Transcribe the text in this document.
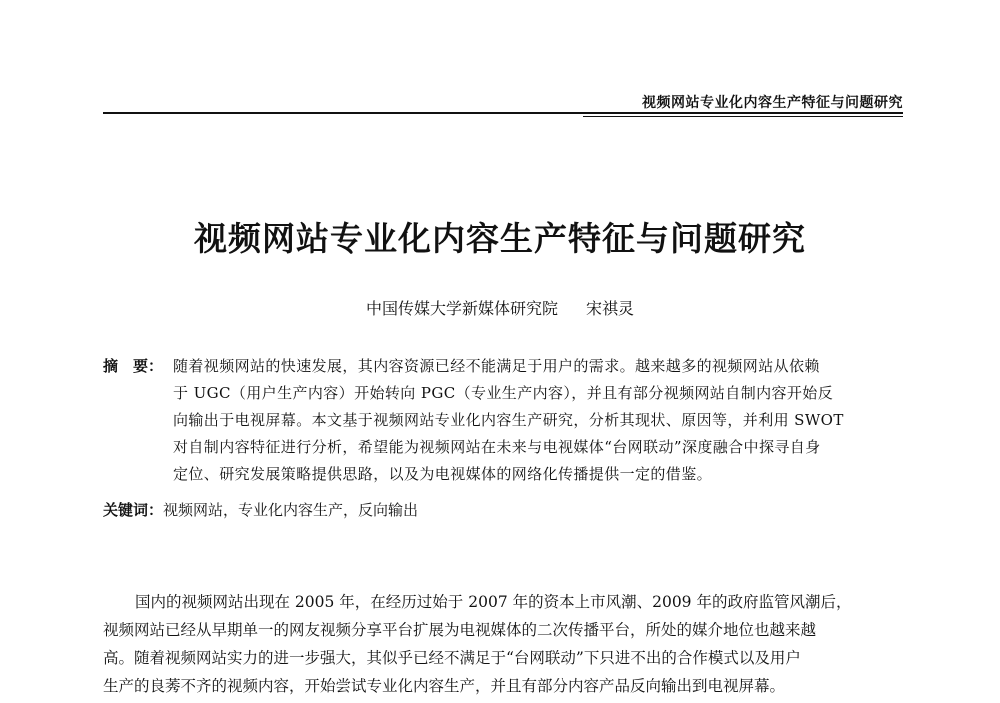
视频网站专业化内容生产特征与问题研究
视频网站专业化内容生产特征与问题研究
中国传媒大学新媒体研究院 宋祺灵
摘　要： 随着视频网站的快速发展，其内容资源已经不能满足于用户的需求。越来越多的视频网站从依赖
于 UGC（用户生产内容）开始转向 PGC（专业生产内容），并且有部分视频网站自制内容开始反
向输出于电视屏幕。本文基于视频网站专业化内容生产研究，分析其现状、原因等，并利用 SWOT
对自制内容特征进行分析，希望能为视频网站在未来与电视媒体“台网联动”深度融合中探寻自身
定位、研究发展策略提供思路，以及为电视媒体的网络化传播提供一定的借鉴。
关键词：视频网站，专业化内容生产，反向输出
国内的视频网站出现在 2005 年，在经历过始于 2007 年的资本上市风潮、2009 年的政府监管风潮后，
视频网站已经从早期单一的网友视频分享平台扩展为电视媒体的二次传播平台，所处的媒介地位也越来越
高。随着视频网站实力的进一步强大，其似乎已经不满足于“台网联动”下只进不出的合作模式以及用户
生产的良莠不齐的视频内容，开始尝试专业化内容生产，并且有部分内容产品反向输出到电视屏幕。
